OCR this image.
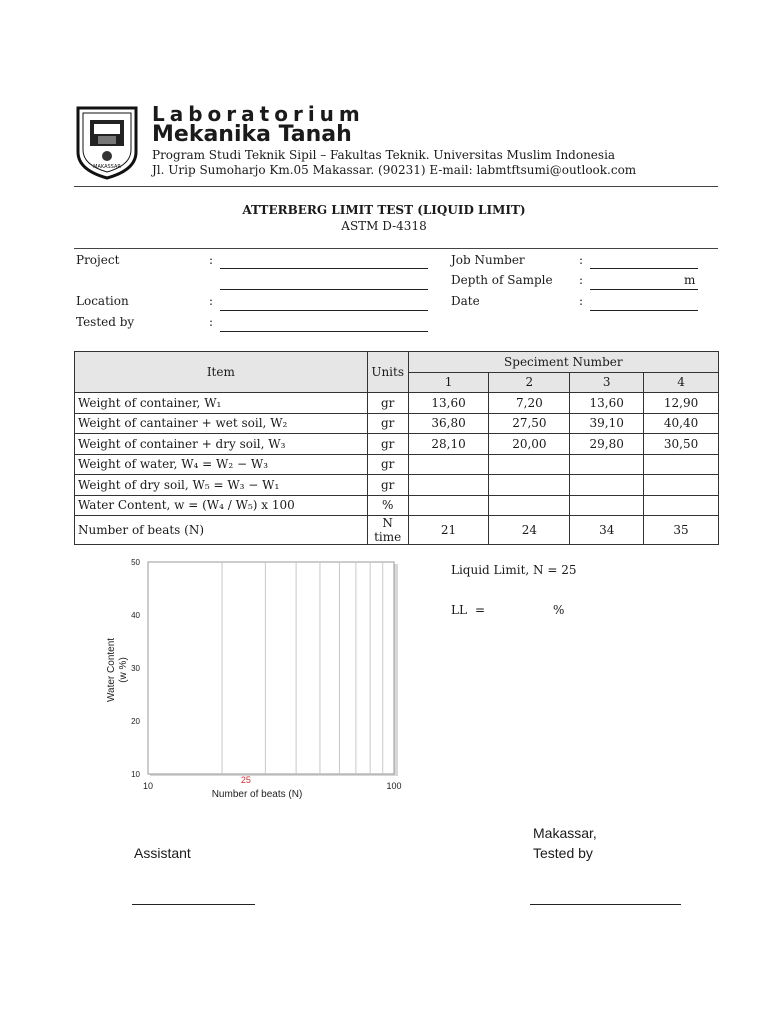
MAKASSAR
Laboratorium
Mekanika Tanah
Program Studi Teknik Sipil – Fakultas Teknik. Universitas Muslim Indonesia
Jl. Urip Sumoharjo Km.05 Makassar. (90231) E-mail: labmtftsumi@outlook.com
ATTERBERG LIMIT TEST (LIQUID LIMIT)
ASTM D-4318
Project	:
Location	:
Tested by	:
Job Number	:
Depth of Sample :	m
Date	:
Item	Units	Speciment Number			
		1	2	3	4
Weight of container, W₁	gr	13,60	7,20	13,60	12,90
Weight of cantainer + wet soil, W₂	gr	36,80	27,50	39,10	40,40
Weight of container + dry soil, W₃	gr	28,10	20,00	29,80	30,50
Weight of water, W₄ = W₂ − W₃	gr				
Weight of dry soil, W₅ = W₃ − W₁	gr				
Water Content, w = (W₄ / W₅) x 100	%				
Number of beats (N)	N time	21	24	34	35
10
20
30
40
50
10	100
25
Number of beats (N)
Water Content (w %)
Liquid Limit, N = 25
LL =	%
Assistant
Makassar,
Tested by
